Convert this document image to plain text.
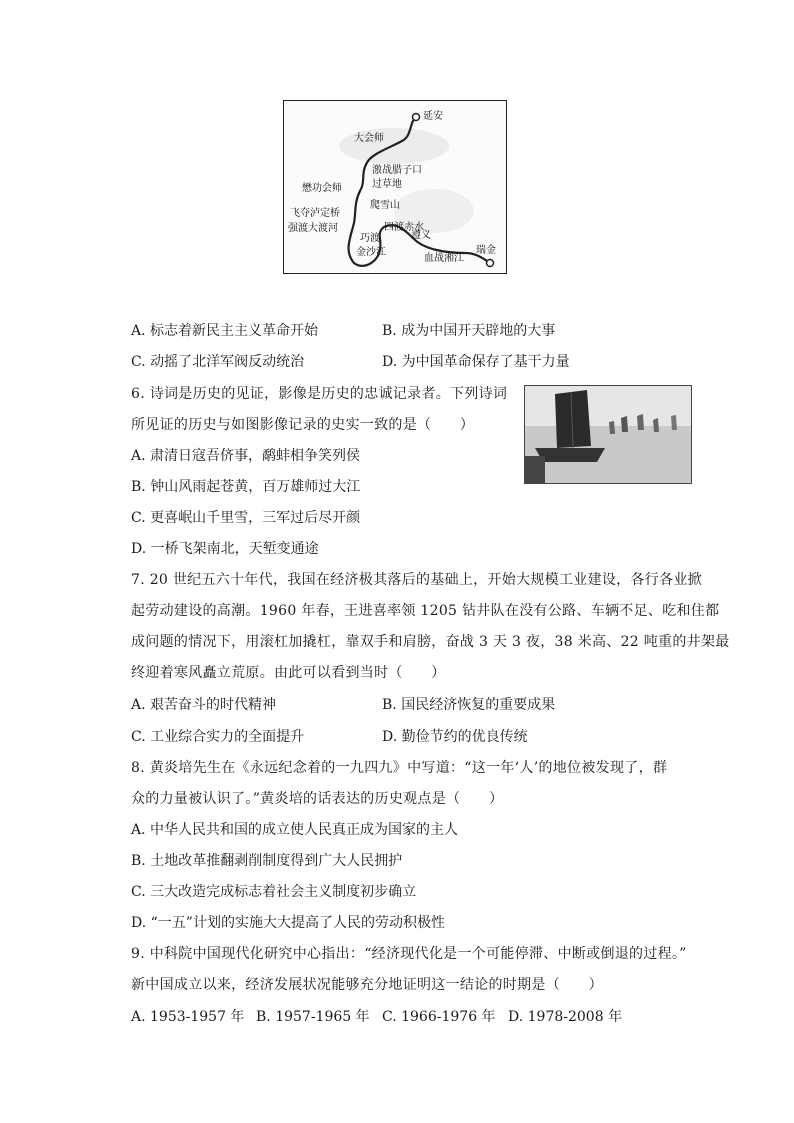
延安
大会师
激战腊子口
过草地
懋功会师
爬雪山
飞夺泸定桥
强渡大渡河	四渡赤水
巧渡
金沙江
遵义
血战湘江
瑞金
A. 标志着新民主主义革命开始	B. 成为中国开天辟地的大事
C. 动摇了北洋军阀反动统治	D. 为中国革命保存了基干力量
6. 诗词是历史的见证，影像是历史的忠诚记录者。下列诗词
所见证的历史与如图影像记录的史实一致的是（　　）
A. 肃清日寇吾侪事，鹬蚌相争笑列侯
B. 钟山风雨起苍黄，百万雄师过大江
C. 更喜岷山千里雪，三军过后尽开颜
D. 一桥飞架南北，天堑变通途
7. 20 世纪五六十年代，我国在经济极其落后的基础上，开始大规模工业建设，各行各业掀
起劳动建设的高潮。1960 年春，王进喜率领 1205 钻井队在没有公路、车辆不足、吃和住都
成问题的情况下，用滚杠加撬杠，靠双手和肩膀，奋战 3 天 3 夜，38 米高、22 吨重的井架最
终迎着寒风矗立荒原。由此可以看到当时（　　）
A. 艰苦奋斗的时代精神	B. 国民经济恢复的重要成果
C. 工业综合实力的全面提升	D. 勤俭节约的优良传统
8. 黄炎培先生在《永远纪念着的一九四九》中写道：“这一年‘人’的地位被发现了，群
众的力量被认识了。”黄炎培的话表达的历史观点是（　　）
A. 中华人民共和国的成立使人民真正成为国家的主人
B. 土地改革推翻剥削制度得到广大人民拥护
C. 三大改造完成标志着社会主义制度初步确立
D. “一五”计划的实施大大提高了人民的劳动积极性
9. 中科院中国现代化研究中心指出：“经济现代化是一个可能停滞、中断或倒退的过程。”
新中国成立以来，经济发展状况能够充分地证明这一结论的时期是（　　）
A. 1953-1957 年 B. 1957-1965 年 C. 1966-1976 年 D. 1978-2008 年
